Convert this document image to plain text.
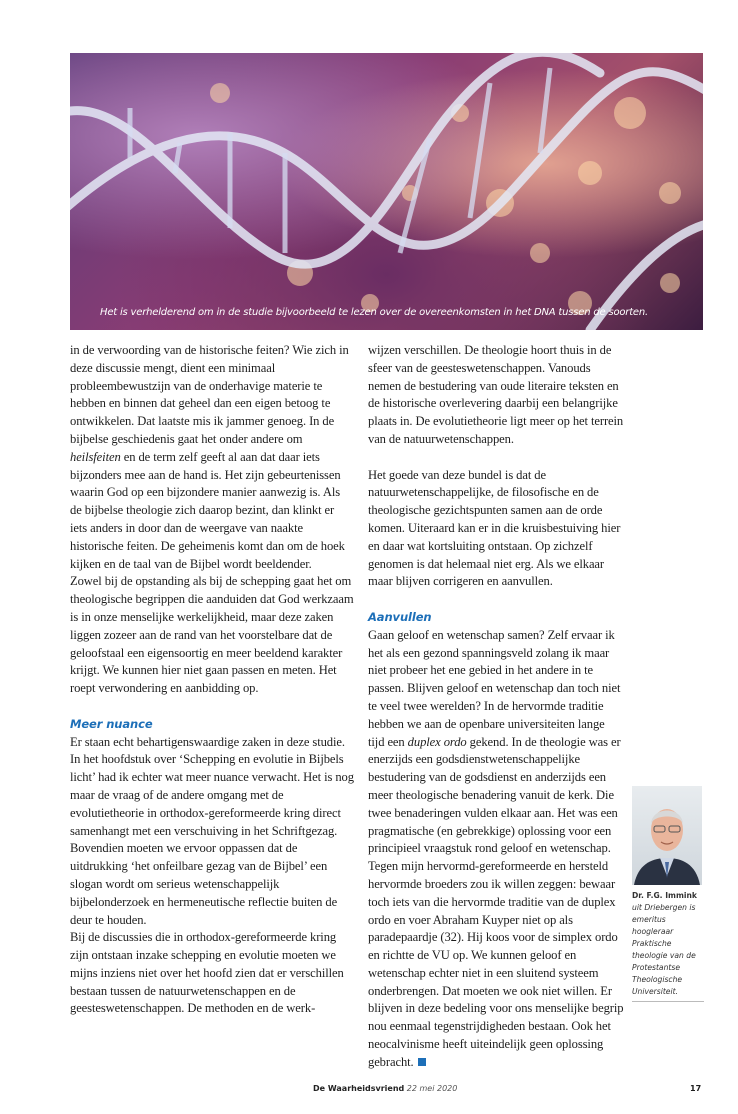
Het is verhelderend om in de studie bijvoorbeeld te lezen over de overeenkomsten in het DNA tussen de soorten.

in de verwoording van de historische feiten? Wie zich in deze discussie mengt, dient een minimaal probleembewustzijn van de onderhavige materie te hebben en binnen dat geheel dan een eigen betoog te ontwikkelen. Dat laatste mis ik jammer genoeg. In de bijbelse geschiedenis gaat het onder andere om heilsfeiten en de term zelf geeft al aan dat daar iets bijzonders mee aan de hand is. Het zijn gebeurtenissen waarin God op een bijzondere manier aanwezig is. Als de bijbelse theologie zich daarop bezint, dan klinkt er iets anders in door dan de weergave van naakte historische feiten. De geheimenis komt dan om de hoek kijken en de taal van de Bijbel wordt beeldender.

Zowel bij de opstanding als bij de schepping gaat het om theologische begrippen die aanduiden dat God werkzaam is in onze menselijke werkelijkheid, maar deze zaken liggen zozeer aan de rand van het voorstelbare dat de geloofstaal een eigensoortig en meer beeldend karakter krijgt. We kunnen hier niet gaan passen en meten. Het roept verwondering en aanbidding op.

Meer nuance

Er staan echt behartigenswaardige zaken in deze studie. In het hoofdstuk over ‘Schepping en evolutie in Bijbels licht’ had ik echter wat meer nuance verwacht. Het is nog maar de vraag of de andere omgang met de evolutietheorie in orthodox-gereformeerde kring direct samenhangt met een verschuiving in het Schriftgezag. Bovendien moeten we ervoor oppassen dat de uitdrukking ‘het onfeilbare gezag van de Bijbel’ een slogan wordt om serieus wetenschappelijk bijbelonderzoek en hermeneutische reflectie buiten de deur te houden.

Bij de discussies die in orthodox-gereformeerde kring zijn ontstaan inzake schepping en evolutie moeten we mijns inziens niet over het hoofd zien dat er verschillen bestaan tussen de natuurwetenschappen en de geesteswetenschappen. De methoden en de werk-

wijzen verschillen. De theologie hoort thuis in de sfeer van de geesteswetenschappen. Vanouds nemen de bestudering van oude literaire teksten en de historische overlevering daarbij een belangrijke plaats in. De evolutietheorie ligt meer op het terrein van de natuurwetenschappen.

Het goede van deze bundel is dat de natuurwetenschappelijke, de filosofische en de theologische gezichtspunten samen aan de orde komen. Uiteraard kan er in die kruisbestuiving hier en daar wat kortsluiting ontstaan. Op zichzelf genomen is dat helemaal niet erg. Als we elkaar maar blijven corrigeren en aanvullen.

Aanvullen

Gaan geloof en wetenschap samen? Zelf ervaar ik het als een gezond spanningsveld zolang ik maar niet probeer het ene gebied in het andere in te passen. Blijven geloof en wetenschap dan toch niet te veel twee werelden? In de hervormde traditie hebben we aan de openbare universiteiten lange tijd een duplex ordo gekend. In de theologie was er enerzijds een godsdienstwetenschappelijke bestudering van de godsdienst en anderzijds een meer theologische benadering vanuit de kerk. Die twee benaderingen vulden elkaar aan. Het was een pragmatische (en gebrekkige) oplossing voor een principieel vraagstuk rond geloof en wetenschap.

Tegen mijn hervormd-gereformeerde en hersteld hervormde broeders zou ik willen zeggen: bewaar toch iets van die hervormde traditie van de duplex ordo en voer Abraham Kuyper niet op als paradepaardje (32). Hij koos voor de simplex ordo en richtte de VU op. We kunnen geloof en wetenschap echter niet in een sluitend systeem onderbrengen. Dat moeten we ook niet willen. Er blijven in deze bedeling voor ons menselijke begrip nou eenmaal tegenstrijdigheden bestaan. Ook het neocalvinisme heeft uiteindelijk geen oplossing gebracht.

Dr. F.G. Immink
uit Driebergen is emeritus hoogleraar Praktische theologie van de Protestantse Theologische Universiteit.
De Waarheidsvriend 22 mei 2020	17
